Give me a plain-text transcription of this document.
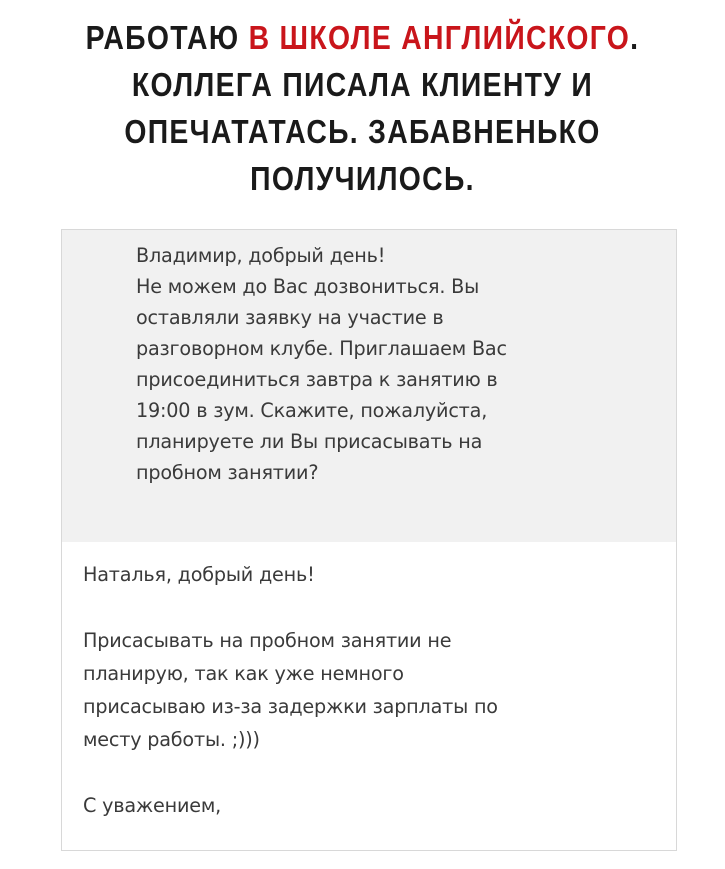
РАБОТАЮ В ШКОЛЕ АНГЛИЙСКОГО.
КОЛЛЕГА ПИСАЛА КЛИЕНТУ И
ОПЕЧАТАТАСЬ. ЗАБАВНЕНЬКО
ПОЛУЧИЛОСЬ.
Владимир, добрый день!
Не можем до Вас дозвониться. Вы
оставляли заявку на участие в
разговорном клубе. Приглашаем Вас
присоединиться завтра к занятию в
19:00 в зум. Скажите, пожалуйста,
планируете ли Вы присасывать на
пробном занятии?
Наталья, добрый день!
Присасывать на пробном занятии не
планирую, так как уже немного
присасываю из-за задержки зарплаты по
месту работы. ;)))
С уважением,
